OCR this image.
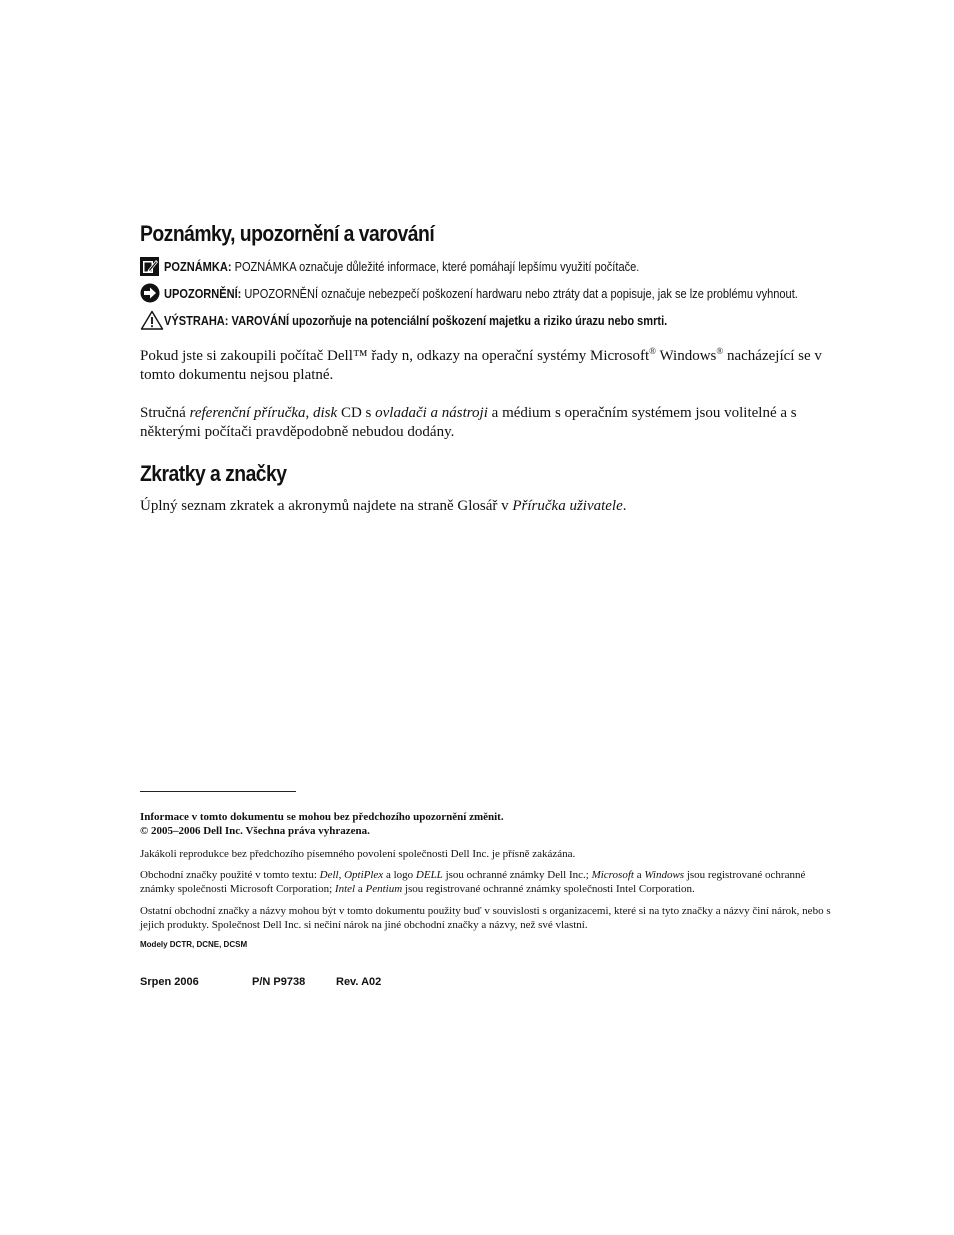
Poznámky, upozornění a varování
POZNÁMKA: POZNÁMKA označuje důležité informace, které pomáhají lepšímu využití počítače.
UPOZORNĚNÍ: UPOZORNĚNÍ označuje nebezpečí poškození hardwaru nebo ztráty dat a popisuje, jak se lze problému vyhnout.
VÝSTRAHA: VAROVÁNÍ upozorňuje na potenciální poškození majetku a riziko úrazu nebo smrti.
Pokud jste si zakoupili počítač Dell™ řady n, odkazy na operační systémy Microsoft® Windows® nacházející se v tomto dokumentu nejsou platné.
Stručná referenční příručka, disk CD s ovladači a nástroji a médium s operačním systémem jsou volitelné a s některými počítači pravděpodobně nebudou dodány.
Zkratky a značky
Úplný seznam zkratek a akronymů najdete na straně Glosář v Příručka uživatele.
Informace v tomto dokumentu se mohou bez předchozího upozornění změnit.
© 2005–2006 Dell Inc. Všechna práva vyhrazena.
Jakákoli reprodukce bez předchozího písemného povolení společnosti Dell Inc. je přísně zakázána.
Obchodní značky použité v tomto textu: Dell, OptiPlex a logo DELL jsou ochranné známky Dell Inc.; Microsoft a Windows jsou registrované ochranné známky společnosti Microsoft Corporation; Intel a Pentium jsou registrované ochranné známky společnosti Intel Corporation.
Ostatní obchodní značky a názvy mohou být v tomto dokumentu použity buď v souvislosti s organizacemi, které si na tyto značky a názvy činí nárok, nebo s jejich produkty. Společnost Dell Inc. si nečiní nárok na jiné obchodní značky a názvy, než své vlastní.
Modely DCTR, DCNE, DCSM
Srpen 2006	P/N P9738	Rev. A02
